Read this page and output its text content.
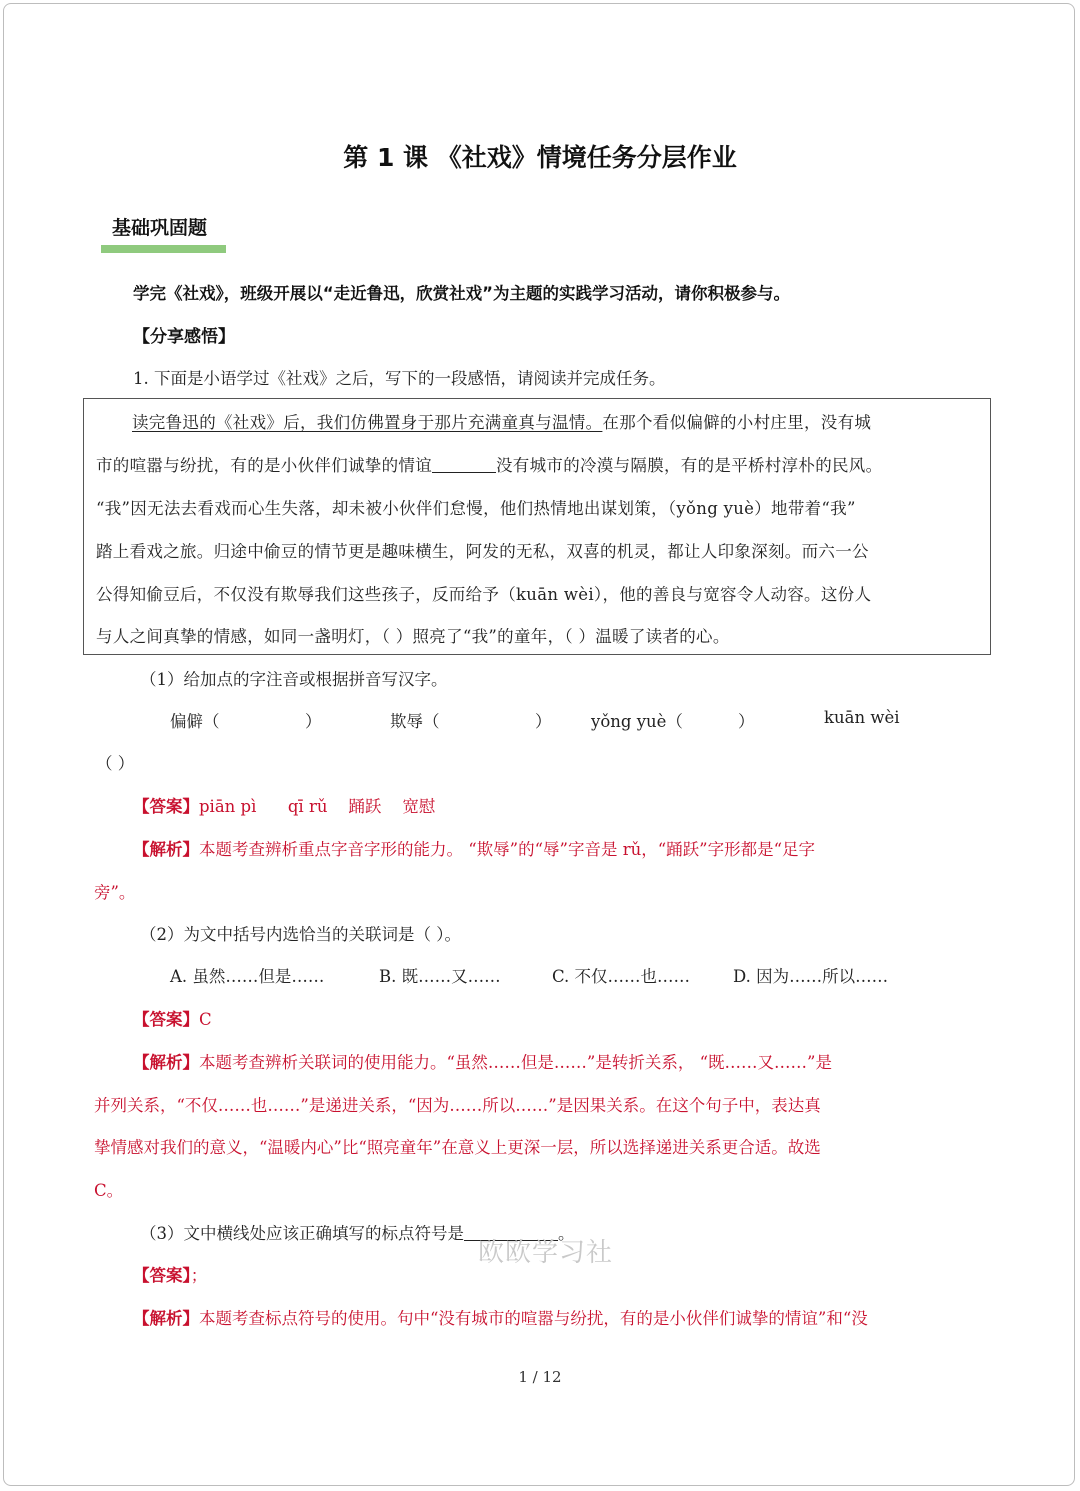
第 1 课 《社戏》情境任务分层作业
基础巩固题
学完《社戏》，班级开展以“走近鲁迅，欣赏社戏”为主题的实践学习活动，请你积极参与。
【分享感悟】
1. 下面是小语学过《社戏》之后，写下的一段感悟，请阅读并完成任务。
读完鲁迅的《社戏》后，我们仿佛置身于那片充满童真与温情。在那个看似偏僻的小村庄里，没有城
市的喧嚣与纷扰，有的是小伙伴们诚挚的情谊	没有城市的冷漠与隔膜，有的是平桥村淳朴的民风。
“我”因无法去看戏而心生失落，却未被小伙伴们怠慢，他们热情地出谋划策，（yǒng yuè）地带着“我”
踏上看戏之旅。归途中偷豆的情节更是趣味横生，阿发的无私，双喜的机灵，都让人印象深刻。而六一公
公得知偷豆后，不仅没有欺辱我们这些孩子，反而给予（kuān wèi），他的善良与宽容令人动容。这份人
与人之间真挚的情感，如同一盏明灯，（ ）照亮了“我”的童年，（ ）温暖了读者的心。
（1）给加点的字注音或根据拼音写汉字。
偏僻（	）	欺辱（	） yǒng yuè（	）	kuān wèi
（ ）
【答案】piān pì      qī rǔ    踊跃    宽慰
【解析】本题考查辨析重点字音字形的能力。 “欺辱”的“辱”字音是 rǔ，“踊跃”字形都是“足字
旁”。
（2）为文中括号内选恰当的关联词是（ ）。
A. 虽然……但是……	B. 既……又……	C. 不仅……也……	D. 因为……所以……
【答案】C
【解析】本题考查辨析关联词的使用能力。“虽然……但是……”是转折关系， “既……又……”是
并列关系，“不仅……也……”是递进关系，“因为……所以……”是因果关系。在这个句子中，表达真
挚情感对我们的意义，“温暖内心”比“照亮童年”在意义上更深一层，所以选择递进关系更合适。故选
C。
（3）文中横线处应该正确填写的标点符号是	。
欧欧学习社
【答案】；
【解析】本题考查标点符号的使用。句中“没有城市的喧嚣与纷扰，有的是小伙伴们诚挚的情谊”和“没
1 / 12
